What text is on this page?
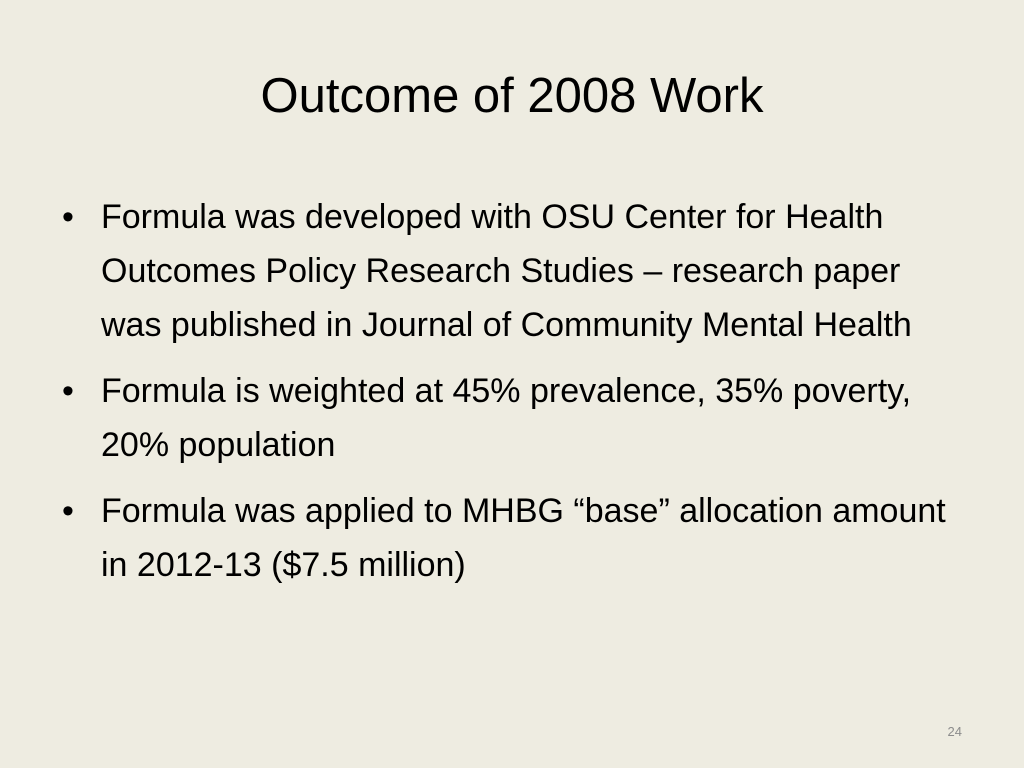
Outcome of 2008 Work
• Formula was developed with OSU Center for Health Outcomes Policy Research Studies – research paper was published in Journal of Community Mental Health
• Formula is weighted at 45% prevalence, 35% poverty, 20% population
• Formula was applied to MHBG “base” allocation amount in 2012-13 ($7.5 million)
24
